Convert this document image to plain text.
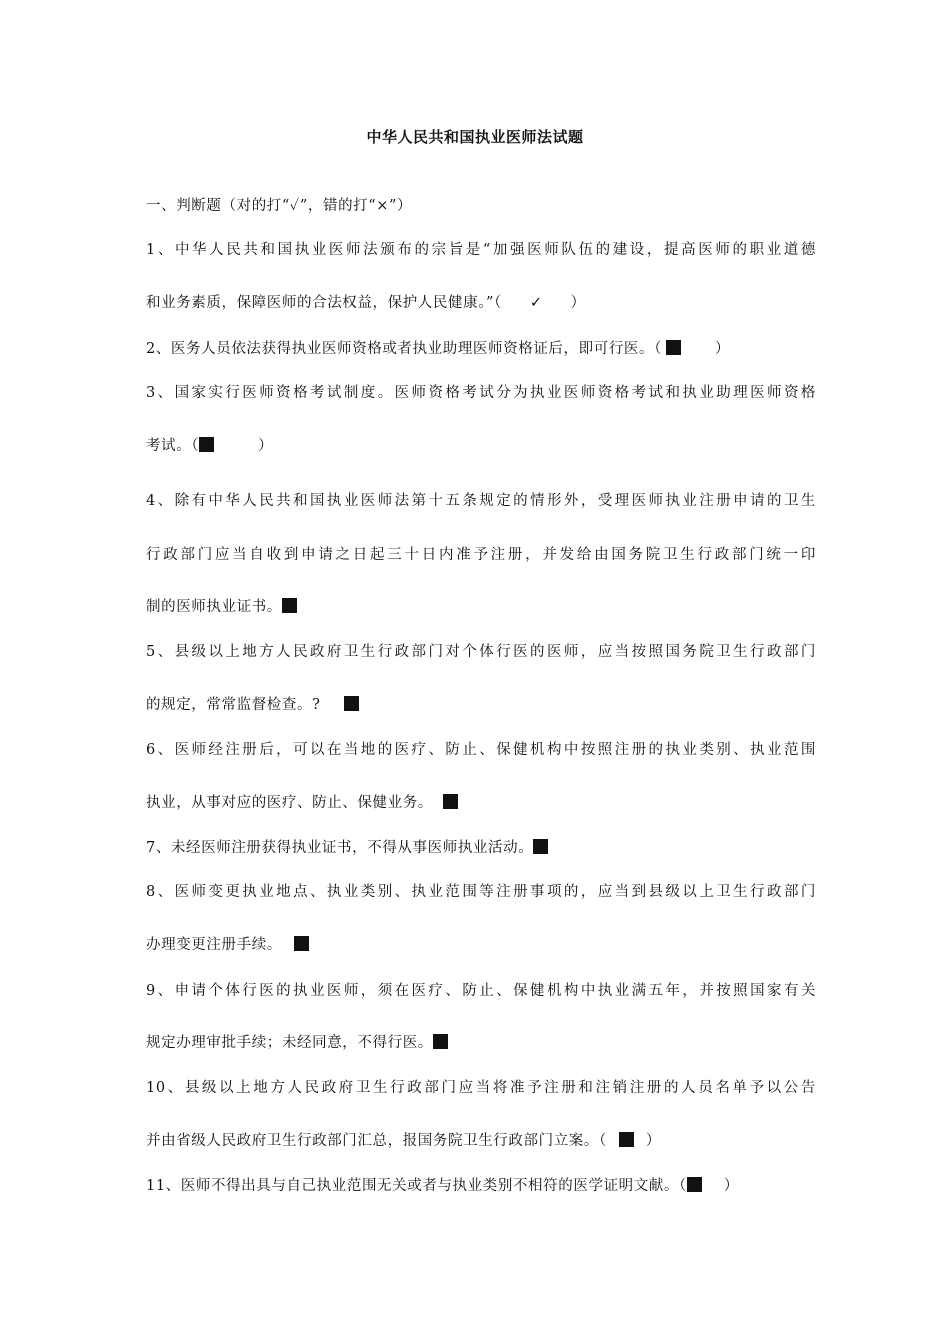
中华人民共和国执业医师法试题
一、判断题（对的打“✓”，错的打“×”）
1、中华人民共和国执业医师法颁布的宗旨是“加强医师队伍的建设，提高医师的职业道德
和业务素质，保障医师的合法权益，保护人民健康。”（ ✓ ）
2、医务人员依法获得执业医师资格或者执业助理医师资格证后，即可行医。（	）
3、国家实行医师资格考试制度。医师资格考试分为执业医师资格考试和执业助理医师资格
考试。（	）
4、除有中华人民共和国执业医师法第十五条规定的情形外，受理医师执业注册申请的卫生
行政部门应当自收到申请之日起三十日内准予注册，并发给由国务院卫生行政部门统一印
制的医师执业证书。
5、县级以上地方人民政府卫生行政部门对个体行医的医师，应当按照国务院卫生行政部门
的规定，常常监督检查。?
6、医师经注册后，可以在当地的医疗、防止、保健机构中按照注册的执业类别、执业范围
执业，从事对应的医疗、防止、保健业务。
7、未经医师注册获得执业证书，不得从事医师执业活动。
8、医师变更执业地点、执业类别、执业范围等注册事项的，应当到县级以上卫生行政部门
办理变更注册手续。
9、申请个体行医的执业医师，须在医疗、防止、保健机构中执业满五年，并按照国家有关
规定办理审批手续；未经同意，不得行医。
10、县级以上地方人民政府卫生行政部门应当将准予注册和注销注册的人员名单予以公告
并由省级人民政府卫生行政部门汇总，报国务院卫生行政部门立案。（	）
11、医师不得出具与自己执业范围无关或者与执业类别不相符的医学证明文献。（	）
